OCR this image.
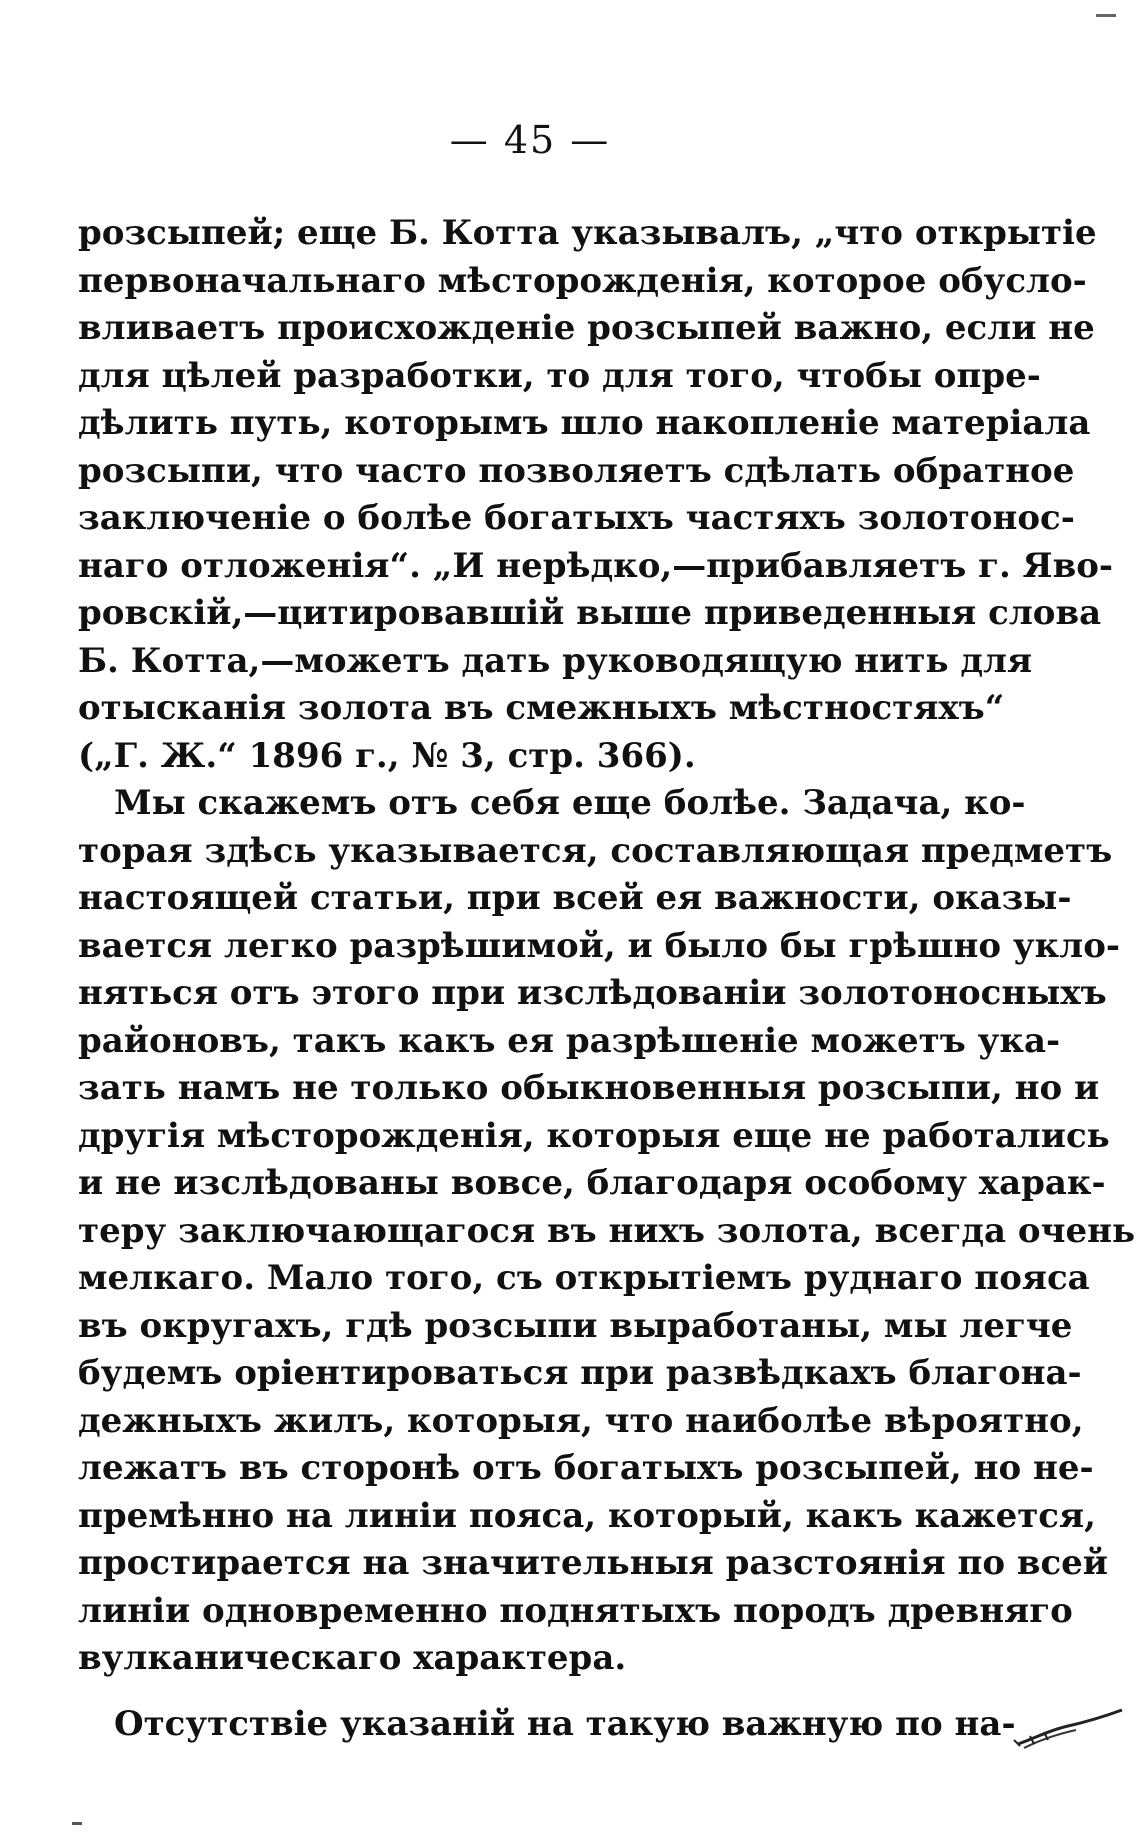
— 45 —
розсыпей; еще Б. Котта указывалъ, „что открытіе
первоначальнаго мѣсторожденія, которое обусло-
вливаетъ происхожденіе розсыпей важно, если не
для цѣлей разработки, то для того, чтобы опре-
дѣлить путь, которымъ шло накопленіе матеріала
розсыпи, что часто позволяетъ сдѣлать обратное
заключеніе о болѣе богатыхъ частяхъ золотонос-
наго отложенія“. „И нерѣдко,—прибавляетъ г. Яво-
ровскій,—цитировавшій выше приведенныя слова
Б. Котта,—можетъ дать руководящую нить для
отысканія золота въ смежныхъ мѣстностяхъ“
(„Г. Ж.“ 1896 г., № 3, стр. 366).
Мы скажемъ отъ себя еще болѣе. Задача, ко-
торая здѣсь указывается, составляющая предметъ
настоящей статьи, при всей ея важности, оказы-
вается легко разрѣшимой, и было бы грѣшно укло-
няться отъ этого при изслѣдованіи золотоносныхъ
районовъ, такъ какъ ея разрѣшеніе можетъ ука-
зать намъ не только обыкновенныя розсыпи, но и
другія мѣсторожденія, которыя еще не работались
и не изслѣдованы вовсе, благодаря особому харак-
теру заключающагося въ нихъ золота, всегда очень
мелкаго. Мало того, съ открытіемъ руднаго пояса
въ округахъ, гдѣ розсыпи выработаны, мы легче
будемъ оріентироваться при развѣдкахъ благона-
дежныхъ жилъ, которыя, что наиболѣе вѣроятно,
лежатъ въ сторонѣ отъ богатыхъ розсыпей, но не-
премѣнно на линіи пояса, который, какъ кажется,
простирается на значительныя разстоянія по всей
линіи одновременно поднятыхъ породъ древняго
вулканическаго характера.
Отсутствіе указаній на такую важную по на-
